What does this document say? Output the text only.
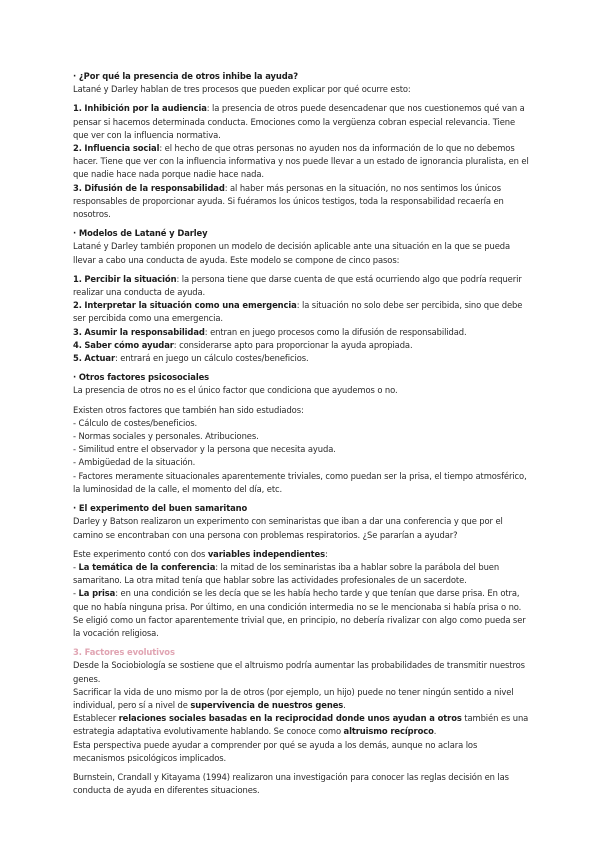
· ¿Por qué la presencia de otros inhibe la ayuda?

Latané y Darley hablan de tres procesos que pueden explicar por qué ocurre esto:

1. Inhibición por la audiencia: la presencia de otros puede desencadenar que nos cuestionemos qué van a pensar si hacemos determinada conducta. Emociones como la vergüenza cobran especial relevancia. Tiene que ver con la influencia normativa.

2. Influencia social: el hecho de que otras personas no ayuden nos da información de lo que no debemos hacer. Tiene que ver con la influencia informativa y nos puede llevar a un estado de ignorancia pluralista, en el que nadie hace nada porque nadie hace nada.

3. Difusión de la responsabilidad: al haber más personas en la situación, no nos sentimos los únicos responsables de proporcionar ayuda. Si fuéramos los únicos testigos, toda la responsabilidad recaería en nosotros.

· Modelos de Latané y Darley

Latané y Darley también proponen un modelo de decisión aplicable ante una situación en la que se pueda llevar a cabo una conducta de ayuda. Este modelo se compone de cinco pasos:

1. Percibir la situación: la persona tiene que darse cuenta de que está ocurriendo algo que podría requerir realizar una conducta de ayuda.

2. Interpretar la situación como una emergencia: la situación no solo debe ser percibida, sino que debe ser percibida como una emergencia.

3. Asumir la responsabilidad: entran en juego procesos como la difusión de responsabilidad.

4. Saber cómo ayudar: considerarse apto para proporcionar la ayuda apropiada.

5. Actuar: entrará en juego un cálculo costes/beneficios.

· Otros factores psicosociales

La presencia de otros no es el único factor que condiciona que ayudemos o no.

Existen otros factores que también han sido estudiados:

- Cálculo de costes/beneficios.

- Normas sociales y personales. Atribuciones.

- Similitud entre el observador y la persona que necesita ayuda.

- Ambigüedad de la situación.

- Factores meramente situacionales aparentemente triviales, como puedan ser la prisa, el tiempo atmosférico, la luminosidad de la calle, el momento del día, etc.

· El experimento del buen samaritano

Darley y Batson realizaron un experimento con seminaristas que iban a dar una conferencia y que por el camino se encontraban con una persona con problemas respiratorios. ¿Se pararían a ayudar?

Este experimento contó con dos variables independientes:

- La temática de la conferencia: la mitad de los seminaristas iba a hablar sobre la parábola del buen samaritano. La otra mitad tenía que hablar sobre las actividades profesionales de un sacerdote.

- La prisa: en una condición se les decía que se les había hecho tarde y que tenían que darse prisa. En otra, que no había ninguna prisa. Por último, en una condición intermedia no se le mencionaba si había prisa o no. Se eligió como un factor aparentemente trivial que, en principio, no debería rivalizar con algo como pueda ser la vocación religiosa.

3. Factores evolutivos

Desde la Sociobiología se sostiene que el altruismo podría aumentar las probabilidades de transmitir nuestros genes.

Sacrificar la vida de uno mismo por la de otros (por ejemplo, un hijo) puede no tener ningún sentido a nivel individual, pero sí a nivel de supervivencia de nuestros genes.

Establecer relaciones sociales basadas en la reciprocidad donde unos ayudan a otros también es una estrategia adaptativa evolutivamente hablando. Se conoce como altruismo recíproco.

Esta perspectiva puede ayudar a comprender por qué se ayuda a los demás, aunque no aclara los mecanismos psicológicos implicados.

Burnstein, Crandall y Kitayama (1994) realizaron una investigación para conocer las reglas decisión en las conducta de ayuda en diferentes situaciones.
